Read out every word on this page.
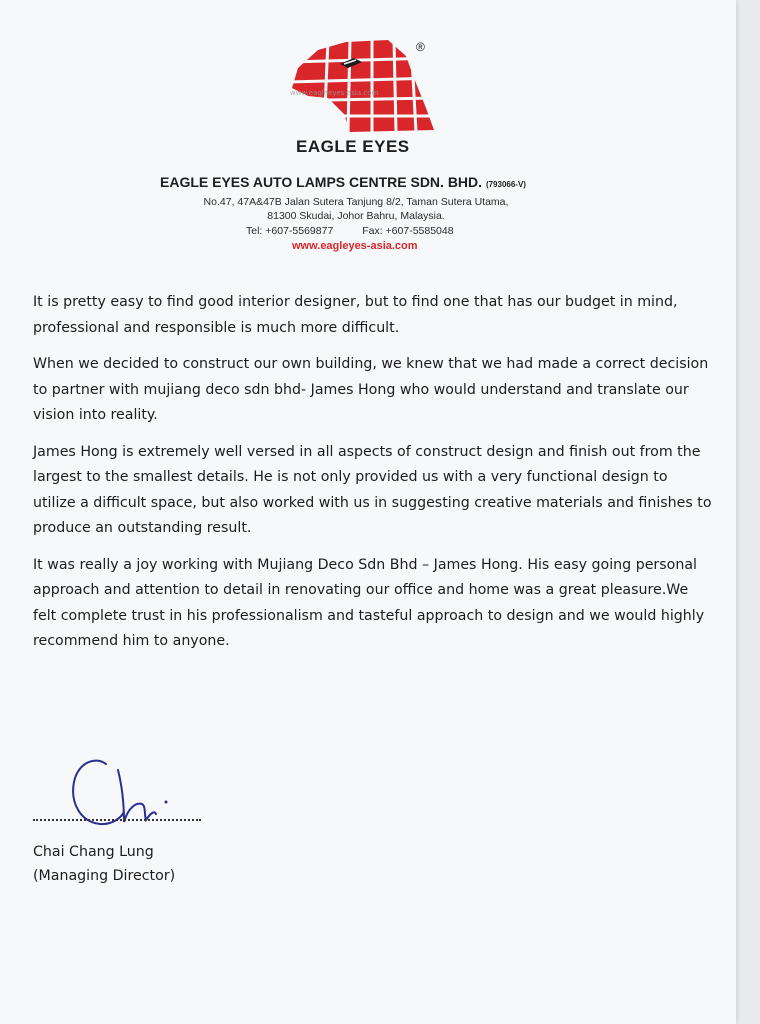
www.eagleeyes-asia.com
®
EAGLE EYES
EAGLE EYES AUTO LAMPS CENTRE SDN. BHD. (793066-V)
No.47, 47A&47B Jalan Sutera Tanjung 8/2, Taman Sutera Utama,
81300 Skudai, Johor Bahru, Malaysia.
Tel: +607-5569877	Fax: +607-5585048
www.eagleyes-asia.com

It is pretty easy to find good interior designer, but to find one that has our budget in mind, professional and responsible is much more difficult.

When we decided to construct our own building, we knew that we had made a correct decision to partner with mujiang deco sdn bhd- James Hong who would understand and translate our vision into reality.

James Hong is extremely well versed in all aspects of construct design and finish out from the largest to the smallest details. He is not only provided us with a very functional design to utilize a difficult space, but also worked with us in suggesting creative materials and finishes to produce an outstanding result.

It was really a joy working with Mujiang Deco Sdn Bhd – James Hong. His easy going personal approach and attention to detail in renovating our office and home was a great pleasure.We felt complete trust in his professionalism and tasteful approach to design and we would highly recommend him to anyone.

Chai Chang Lung
(Managing Director)
